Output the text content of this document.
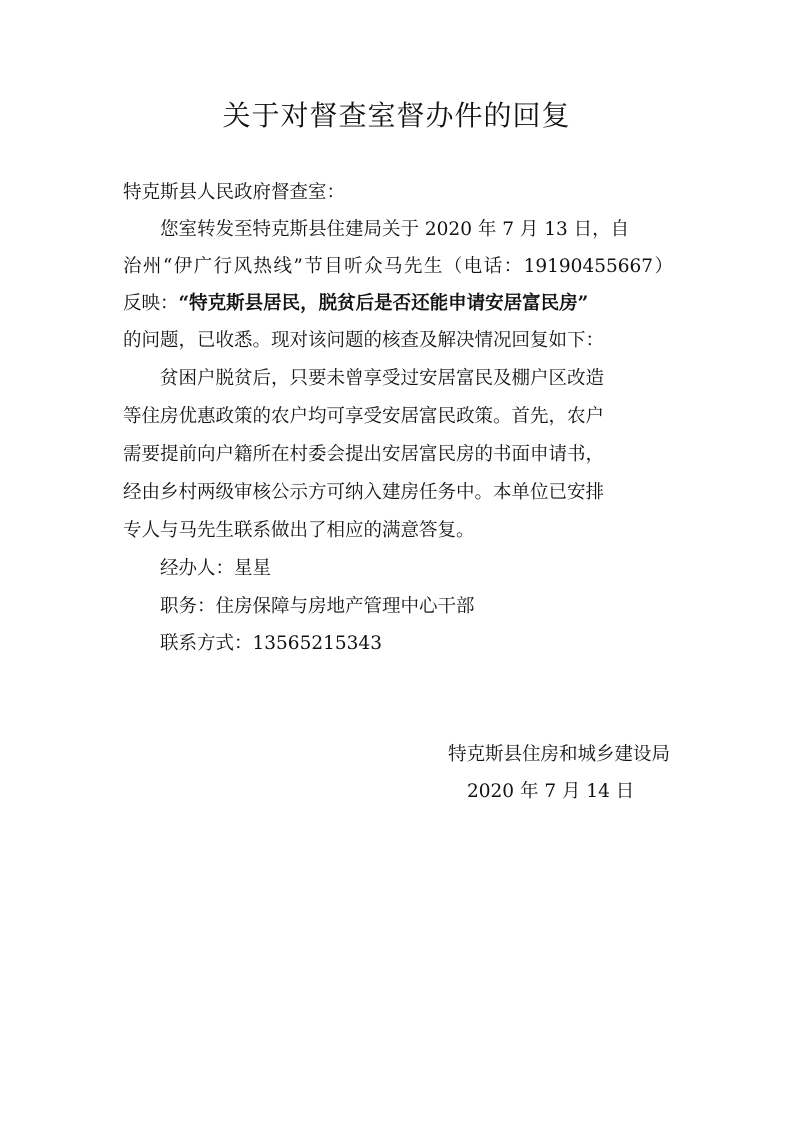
关于对督查室督办件的回复

特克斯县人民政府督查室：

您室转发至特克斯县住建局关于 2020 年 7 月 13 日，自

治州“伊广行风热线”节目听众马先生（电话：19190455667）

反映：“特克斯县居民，脱贫后是否还能申请安居富民房”

的问题，已收悉。现对该问题的核查及解决情况回复如下：

贫困户脱贫后，只要未曾享受过安居富民及棚户区改造

等住房优惠政策的农户均可享受安居富民政策。首先，农户

需要提前向户籍所在村委会提出安居富民房的书面申请书，

经由乡村两级审核公示方可纳入建房任务中。本单位已安排

专人与马先生联系做出了相应的满意答复。

经办人：星星

职务：住房保障与房地产管理中心干部

联系方式：13565215343

特克斯县住房和城乡建设局
2020 年 7 月 14 日
